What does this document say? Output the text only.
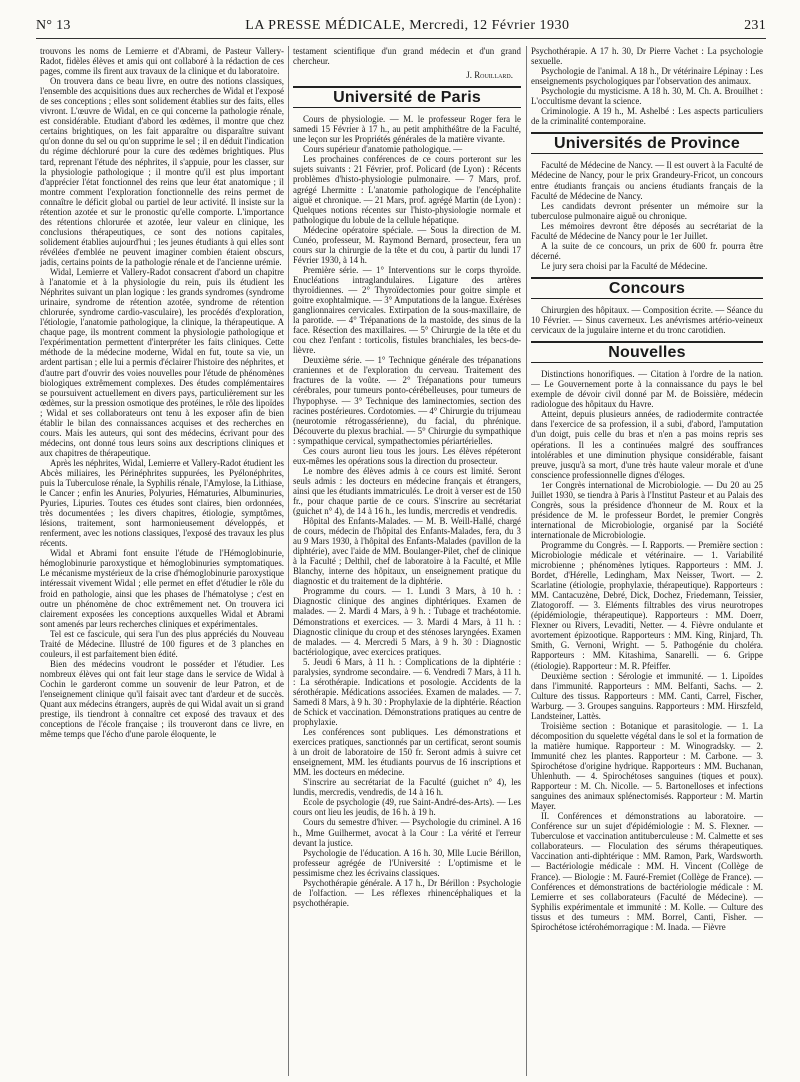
N° 13	LA PRESSE MÉDICALE, Mercredi, 12 Février 1930	231

trouvons les noms de Lemierre et d'Abrami, de Pasteur Vallery-Radot, fidèles élèves et amis qui ont collaboré à la rédaction de ces pages, comme ils firent aux travaux de la clinique et du laboratoire.

On trouvera dans ce beau livre, en outre des notions classiques, l'ensemble des acquisitions dues aux recherches de Widal et l'exposé de ses conceptions ; elles sont solidement établies sur des faits, elles vivront. L'œuvre de Widal, en ce qui concerne la pathologie rénale, est considérable. Etudiant d'abord les œdèmes, il montre que chez certains brightiques, on les fait apparaître ou disparaître suivant qu'on donne du sel ou qu'on supprime le sel ; il en déduit l'indication du régime déchloruré pour la cure des œdèmes brightiques. Plus tard, reprenant l'étude des néphrites, il s'appuie, pour les classer, sur la physiologie pathologique ; il montre qu'il est plus important d'apprécier l'état fonctionnel des reins que leur état anatomique ; il montre comment l'exploration fonctionnelle des reins permet de connaître le déficit global ou partiel de leur activité. Il insiste sur la rétention azotée et sur le pronostic qu'elle comporte. L'importance des rétentions chlorurée et azotée, leur valeur en clinique, les conclusions thérapeutiques, ce sont des notions capitales, solidement établies aujourd'hui ; les jeunes étudiants à qui elles sont révélées d'emblée ne peuvent imaginer combien étaient obscurs, jadis, certains points de la pathologie rénale et de l'ancienne urémie.

Widal, Lemierre et Vallery-Radot consacrent d'abord un chapitre à l'anatomie et à la physiologie du rein, puis ils étudient les Néphrites suivant un plan logique : les grands syndromes (syndrome urinaire, syndrome de rétention azotée, syndrome de rétention chlorurée, syndrome cardio-vasculaire), les procédés d'exploration, l'étiologie, l'anatomie pathologique, la clinique, la thérapeutique. A chaque page, ils montrent comment la physiologie pathologique et l'expérimentation permettent d'interpréter les faits cliniques. Cette méthode de la médecine moderne, Widal en fut, toute sa vie, un ardent partisan ; elle lui a permis d'éclairer l'histoire des néphrites, et d'autre part d'ouvrir des voies nouvelles pour l'étude de phénomènes biologiques extrêmement complexes. Des études complémentaires se poursuivent actuellement en divers pays, particulièrement sur les œdèmes, sur la pression osmotique des protéines, le rôle des lipoïdes ; Widal et ses collaborateurs ont tenu à les exposer afin de bien établir le bilan des connaissances acquises et des recherches en cours. Mais les auteurs, qui sont des médecins, écrivant pour des médecins, ont donné tous leurs soins aux descriptions cliniques et aux chapitres de thérapeutique.

Après les néphrites, Widal, Lemierre et Vallery-Radot étudient les Abcès miliaires, les Périnéphrites suppurées, les Pyélonéphrites, puis la Tuberculose rénale, la Syphilis rénale, l'Amylose, la Lithiase, le Cancer ; enfin les Anuries, Polyuries, Hématuries, Albuminuries, Pyuries, Lipuries. Toutes ces études sont claires, bien ordonnées, très documentées ; les divers chapitres, étiologie, symptômes, lésions, traitement, sont harmonieusement développés, et renferment, avec les notions classiques, l'exposé des travaux les plus récents.

Widal et Abrami font ensuite l'étude de l'Hémoglobinurie, hémoglobinurie paroxystique et hémoglobinuries symptomatiques. Le mécanisme mystérieux de la crise d'hémoglobinurie paroxystique intéressait vivement Widal ; elle permet en effet d'étudier le rôle du froid en pathologie, ainsi que les phases de l'hématolyse ; c'est en outre un phénomène de choc extrêmement net. On trouvera ici clairement exposées les conceptions auxquelles Widal et Abrami sont amenés par leurs recherches cliniques et expérimentales.

Tel est ce fascicule, qui sera l'un des plus appréciés du Nouveau Traité de Médecine. Illustré de 100 figures et de 3 planches en couleurs, il est parfaitement bien édité.

Bien des médecins voudront le posséder et l'étudier. Les nombreux élèves qui ont fait leur stage dans le service de Widal à Cochin le garderont comme un souvenir de leur Patron, et de l'enseignement clinique qu'il faisait avec tant d'ardeur et de succès. Quant aux médecins étrangers, auprès de qui Widal avait un si grand prestige, ils tiendront à connaître cet exposé des travaux et des conceptions de l'école française ; ils trouveront dans ce livre, en même temps que l'écho d'une parole éloquente, le

testament scientifique d'un grand médecin et d'un grand chercheur.

J. Rouillard.
Université de Paris

Cours de physiologie. — M. le professeur Roger fera le samedi 15 Février à 17 h., au petit amphithéâtre de la Faculté, une leçon sur les Propriétés générales de la matière vivante.

Cours supérieur d'anatomie pathologique. —

Les prochaines conférences de ce cours porteront sur les sujets suivants : 21 Février, prof. Policard (de Lyon) : Récents problèmes d'histo-physiologie pulmonaire. — 7 Mars, prof. agrégé Lhermitte : L'anatomie pathologique de l'encéphalite aiguë et chronique. — 21 Mars, prof. agrégé Martin (de Lyon) : Quelques notions récentes sur l'histo-physiologie normale et pathologique du lobule de la cellule hépatique.

Médecine opératoire spéciale. — Sous la direction de M. Cunéo, professeur, M. Raymond Bernard, prosecteur, fera un cours sur la chirurgie de la tête et du cou, à partir du lundi 17 Février 1930, à 14 h.

Première série. — 1° Interventions sur le corps thyroïde. Enucléations intraglandulaires. Ligature des artères thyroïdiennes. — 2° Thyroïdectomies pour goitre simple et goitre exophtalmique. — 3° Amputations de la langue. Exérèses ganglionnaires cervicales. Extirpation de la sous-maxillaire, de la parotide. — 4° Trépanations de la mastoïde, des sinus de la face. Résection des maxillaires. — 5° Chirurgie de la tête et du cou chez l'enfant : torticolis, fistules branchiales, les becs-de-lièvre.

Deuxième série. — 1° Technique générale des trépanations craniennes et de l'exploration du cerveau. Traitement des fractures de la voûte. — 2° Trépanations pour tumeurs cérébrales, pour tumeurs ponto-cérébelleuses, pour tumeurs de l'hypophyse. — 3° Technique des laminectomies, section des racines postérieures. Cordotomies. — 4° Chirurgie du trijumeau (neurotomie rétrogassérienne), du facial, du phrénique. Découverte du plexus brachial. — 5° Chirurgie du sympathique : sympathique cervical, sympathectomies périartérielles.

Ces cours auront lieu tous les jours. Les élèves répéteront eux-mêmes les opérations sous la direction du prosecteur.

Le nombre des élèves admis à ce cours est limité. Seront seuls admis : les docteurs en médecine français et étrangers, ainsi que les étudiants immatriculés. Le droit à verser est de 150 fr., pour chaque partie de ce cours. S'inscrire au secrétariat (guichet n° 4), de 14 à 16 h., les lundis, mercredis et vendredis.

Hôpital des Enfants-Malades. — M. B. Weill-Hallé, chargé de cours, médecin de l'hôpital des Enfants-Malades, fera, du 3 au 9 Mars 1930, à l'hôpital des Enfants-Malades (pavillon de la diphtérie), avec l'aide de MM. Boulanger-Pilet, chef de clinique à la Faculté ; Delthil, chef de laboratoire à la Faculté, et Mlle Blanchy, interne des hôpitaux, un enseignement pratique du diagnostic et du traitement de la diphtérie.

Programme du cours. — 1. Lundi 3 Mars, à 10 h. : Diagnostic clinique des angines diphtériques. Examen de malades. — 2. Mardi 4 Mars, à 9 h. : Tubage et trachéotomie. Démonstrations et exercices. — 3. Mardi 4 Mars, à 11 h. : Diagnostic clinique du croup et des sténoses laryngées. Examen de malades. — 4. Mercredi 5 Mars, à 9 h. 30 : Diagnostic bactériologique, avec exercices pratiques.

5. Jeudi 6 Mars, à 11 h. : Complications de la diphtérie : paralysies, syndrome secondaire. — 6. Vendredi 7 Mars, à 11 h. : La sérothérapie. Indications et posologie. Accidents de la sérothérapie. Médications associées. Examen de malades. — 7. Samedi 8 Mars, à 9 h. 30 : Prophylaxie de la diphtérie. Réaction de Schick et vaccination. Démonstrations pratiques au centre de prophylaxie.

Les conférences sont publiques. Les démonstrations et exercices pratiques, sanctionnés par un certificat, seront soumis à un droit de laboratoire de 150 fr. Seront admis à suivre cet enseignement, MM. les étudiants pourvus de 16 inscriptions et MM. les docteurs en médecine.

S'inscrire au secrétariat de la Faculté (guichet n° 4), les lundis, mercredis, vendredis, de 14 à 16 h.

Ecole de psychologie (49, rue Saint-André-des-Arts). — Les cours ont lieu les jeudis, de 16 h. à 19 h.

Cours du semestre d'hiver. — Psychologie du criminel. A 16 h., Mme Guilhermet, avocat à la Cour : La vérité et l'erreur devant la justice.

Psychologie de l'éducation. A 16 h. 30, Mlle Lucie Bérillon, professeur agrégée de l'Université : L'optimisme et le pessimisme chez les écrivains classiques.

Psychothérapie générale. A 17 h., Dr Bérillon : Psychologie de l'olfaction. — Les réflexes rhinencéphaliques et la psychothérapie.

Psychothérapie. A 17 h. 30, Dr Pierre Vachet : La psychologie sexuelle.

Psychologie de l'animal. A 18 h., Dr vétérinaire Lépinay : Les enseignements psychologiques par l'observation des animaux.

Psychologie du mysticisme. A 18 h. 30, M. Ch. A. Brouilhet : L'occultisme devant la science.

Criminologie. A 19 h., M. Ashelbé : Les aspects particuliers de la criminalité contemporaine.

Universités de Province

Faculté de Médecine de Nancy. — Il est ouvert à la Faculté de Médecine de Nancy, pour le prix Grandeury-Fricot, un concours entre étudiants français ou anciens étudiants français de la Faculté de Médecine de Nancy.

Les candidats devront présenter un mémoire sur la tuberculose pulmonaire aiguë ou chronique.

Les mémoires devront être déposés au secrétariat de la Faculté de Médecine de Nancy pour le 1er Juillet.

A la suite de ce concours, un prix de 600 fr. pourra être décerné.

Le jury sera choisi par la Faculté de Médecine.

Concours

Chirurgien des hôpitaux. — Composition écrite. — Séance du 10 Février. — Sinus caverneux. Les anévrismes artério-veineux cervicaux de la jugulaire interne et du tronc carotidien.

Nouvelles

Distinctions honorifiques. — Citation à l'ordre de la nation. — Le Gouvernement porte à la connaissance du pays le bel exemple de dévoir civil donné par M. de Boissière, médecin radiologue des hôpitaux du Havre.

Atteint, depuis plusieurs années, de radiodermite contractée dans l'exercice de sa profession, il a subi, d'abord, l'amputation d'un doigt, puis celle du bras et n'en a pas moins repris ses opérations. Il les a continuées malgré des souffrances intolérables et une diminution physique considérable, faisant preuve, jusqu'à sa mort, d'une très haute valeur morale et d'une conscience professionnelle dignes d'éloges.

1er Congrès international de Microbiologie. — Du 20 au 25 Juillet 1930, se tiendra à Paris à l'Institut Pasteur et au Palais des Congrès, sous la présidence d'honneur de M. Roux et la présidence de M. le professeur Bordet, le premier Congrès international de Microbiologie, organisé par la Société internationale de Microbiologie.

Programme du Congrès. — I. Rapports. — Première section : Microbiologie médicale et vétérinaire. — 1. Variabilité microbienne ; phénomènes lytiques. Rapporteurs : MM. J. Bordet, d'Hérelle, Ledingham, Max Neisser, Twort. — 2. Scarlatine (étiologie, prophylaxie, thérapeutique). Rapporteurs : MM. Cantacuzène, Debré, Dick, Dochez, Friedemann, Teissier, Zlatogoroff. — 3. Eléments filtrables des virus neurotropes (épidémiologie, thérapeutique). Rapporteurs : MM. Doerr, Flexner ou Rivers, Levaditi, Netter. — 4. Fièvre ondulante et avortement épizootique. Rapporteurs : MM. King, Rinjard, Th. Smith, G. Vernoni, Wright. — 5. Pathogénie du choléra. Rapporteurs : MM. Kitashima, Sanarelli. — 6. Grippe (étiologie). Rapporteur : M. R. Pfeiffer.

Deuxième section : Sérologie et immunité. — 1. Lipoïdes dans l'immunité. Rapporteurs : MM. Belfanti, Sachs. — 2. Culture des tissus. Rapporteurs : MM. Canti, Carrel, Fischer, Warburg. — 3. Groupes sanguins. Rapporteurs : MM. Hirszfeld, Landsteiner, Lattès.

Troisième section : Botanique et parasitologie. — 1. La décomposition du squelette végétal dans le sol et la formation de la matière humique. Rapporteur : M. Winogradsky. — 2. Immunité chez les plantes. Rapporteur : M. Carbone. — 3. Spirochétose d'origine hydrique. Rapporteurs : MM. Buchanan, Uhlenhuth. — 4. Spirochétoses sanguines (tiques et poux). Rapporteur : M. Ch. Nicolle. — 5. Bartonelloses et infections sanguines des animaux splénectomisés. Rapporteur : M. Martin Mayer.

II. Conférences et démonstrations au laboratoire. — Conférence sur un sujet d'épidémiologie : M. S. Flexner. — Tuberculose et vaccination antituberculeuse : M. Calmette et ses collaborateurs. — Floculation des sérums thérapeutiques. Vaccination anti-diphtérique : MM. Ramon, Park, Wardsworth. — Bactériologie médicale : MM. H. Vincent (Collège de France). — Biologie : M. Fauré-Fremiet (Collège de France). — Conférences et démonstrations de bactériologie médicale : M. Lemierre et ses collaborateurs (Faculté de Médecine). — Syphilis expérimentale et immunité : M. Kolle. — Culture des tissus et des tumeurs : MM. Borrel, Canti, Fisher. — Spirochétose ictérohémorragique : M. Inada. — Fièvre
